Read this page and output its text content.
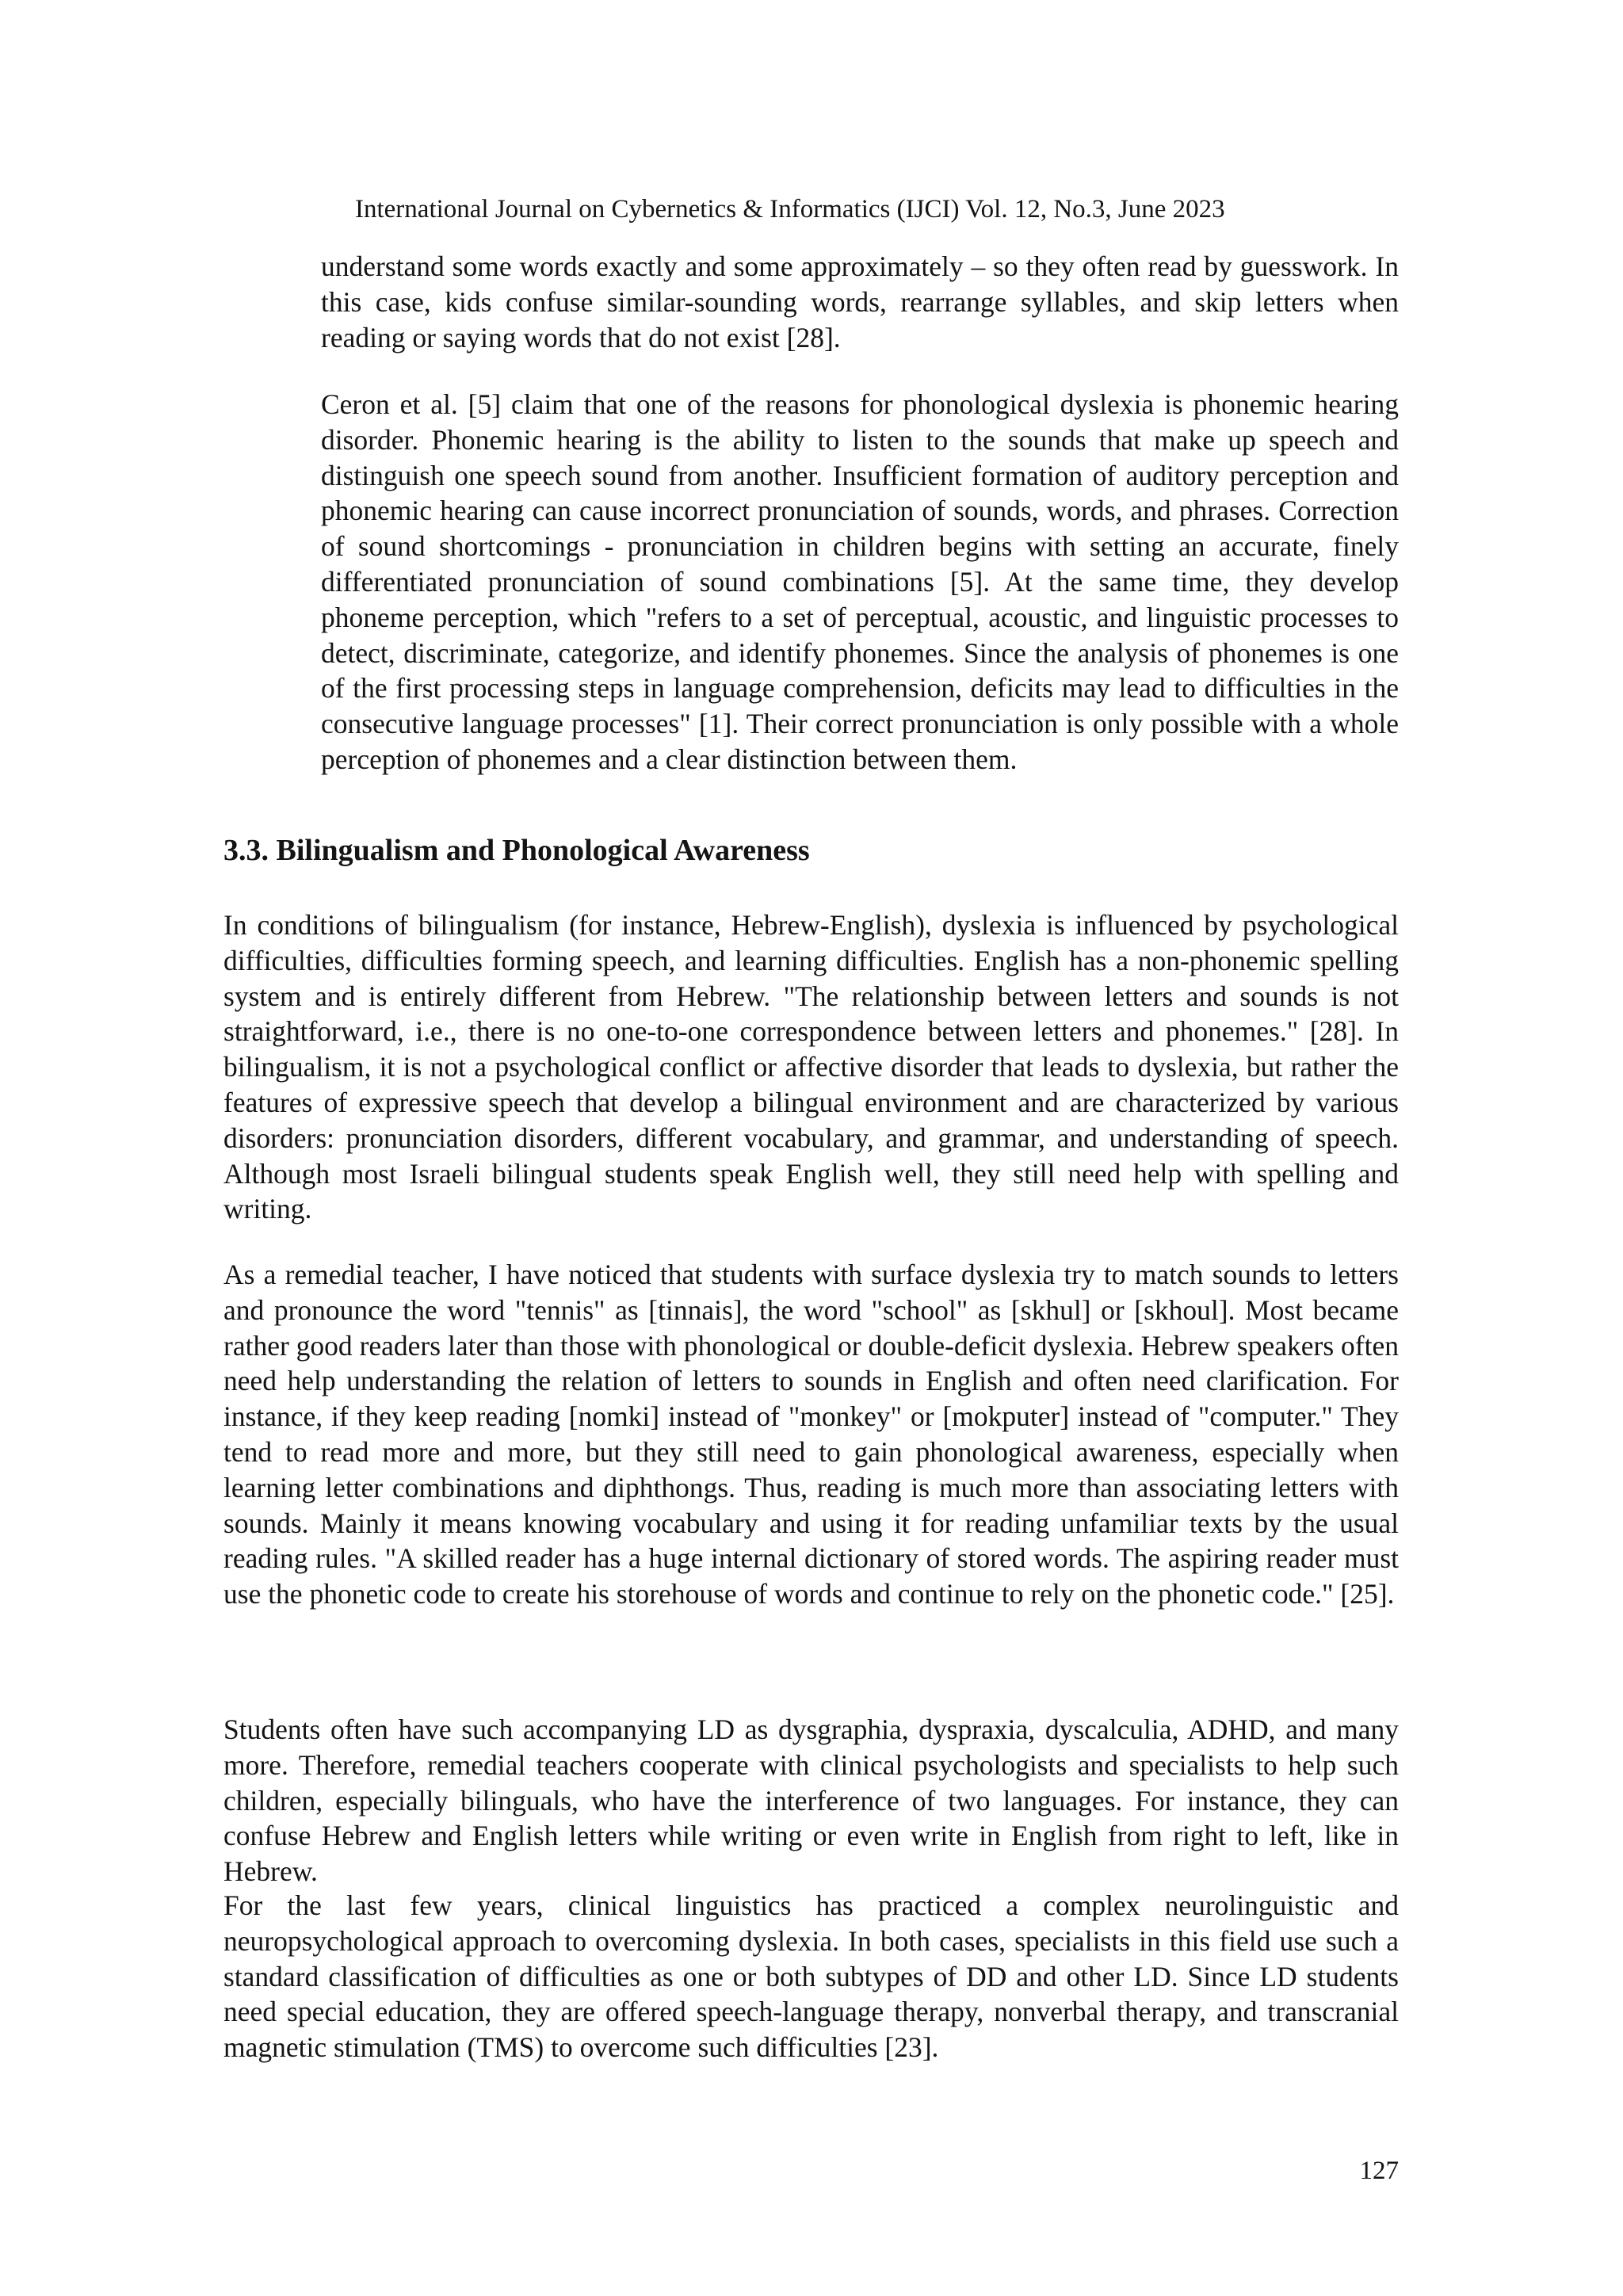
International Journal on Cybernetics & Informatics (IJCI) Vol. 12, No.3, June 2023

understand some words exactly and some approximately – so they often read by guesswork. In this case, kids confuse similar-sounding words, rearrange syllables, and skip letters when reading or saying words that do not exist [28].

Ceron et al. [5] claim that one of the reasons for phonological dyslexia is phonemic hearing disorder. Phonemic hearing is the ability to listen to the sounds that make up speech and distinguish one speech sound from another. Insufficient formation of auditory perception and phonemic hearing can cause incorrect pronunciation of sounds, words, and phrases. Correction of sound shortcomings - pronunciation in children begins with setting an accurate, finely differentiated pronunciation of sound combinations [5]. At the same time, they develop phoneme perception, which "refers to a set of perceptual, acoustic, and linguistic processes to detect, discriminate, categorize, and identify phonemes. Since the analysis of phonemes is one of the first processing steps in language comprehension, deficits may lead to difficulties in the consecutive language processes" [1]. Their correct pronunciation is only possible with a whole perception of phonemes and a clear distinction between them.

3.3. Bilingualism and Phonological Awareness

In conditions of bilingualism (for instance, Hebrew-English), dyslexia is influenced by psychological difficulties, difficulties forming speech, and learning difficulties. English has a non-phonemic spelling system and is entirely different from Hebrew. "The relationship between letters and sounds is not straightforward, i.e., there is no one-to-one correspondence between letters and phonemes." [28]. In bilingualism, it is not a psychological conflict or affective disorder that leads to dyslexia, but rather the features of expressive speech that develop a bilingual environment and are characterized by various disorders: pronunciation disorders, different vocabulary, and grammar, and understanding of speech. Although most Israeli bilingual students speak English well, they still need help with spelling and writing.

As a remedial teacher, I have noticed that students with surface dyslexia try to match sounds to letters and pronounce the word "tennis" as [tinnais], the word "school" as [skhul] or [skhoul]. Most became rather good readers later than those with phonological or double-deficit dyslexia. Hebrew speakers often need help understanding the relation of letters to sounds in English and often need clarification. For instance, if they keep reading [nomki] instead of "monkey" or [mokputer] instead of "computer." They tend to read more and more, but they still need to gain phonological awareness, especially when learning letter combinations and diphthongs. Thus, reading is much more than associating letters with sounds. Mainly it means knowing vocabulary and using it for reading unfamiliar texts by the usual reading rules. "A skilled reader has a huge internal dictionary of stored words. The aspiring reader must use the phonetic code to create his storehouse of words and continue to rely on the phonetic code." [25].

Students often have such accompanying LD as dysgraphia, dyspraxia, dyscalculia, ADHD, and many more. Therefore, remedial teachers cooperate with clinical psychologists and specialists to help such children, especially bilinguals, who have the interference of two languages. For instance, they can confuse Hebrew and English letters while writing or even write in English from right to left, like in Hebrew.

For the last few years, clinical linguistics has practiced a complex neurolinguistic and neuropsychological approach to overcoming dyslexia. In both cases, specialists in this field use such a standard classification of difficulties as one or both subtypes of DD and other LD. Since LD students need special education, they are offered speech-language therapy, nonverbal therapy, and transcranial magnetic stimulation (TMS) to overcome such difficulties [23].

127
